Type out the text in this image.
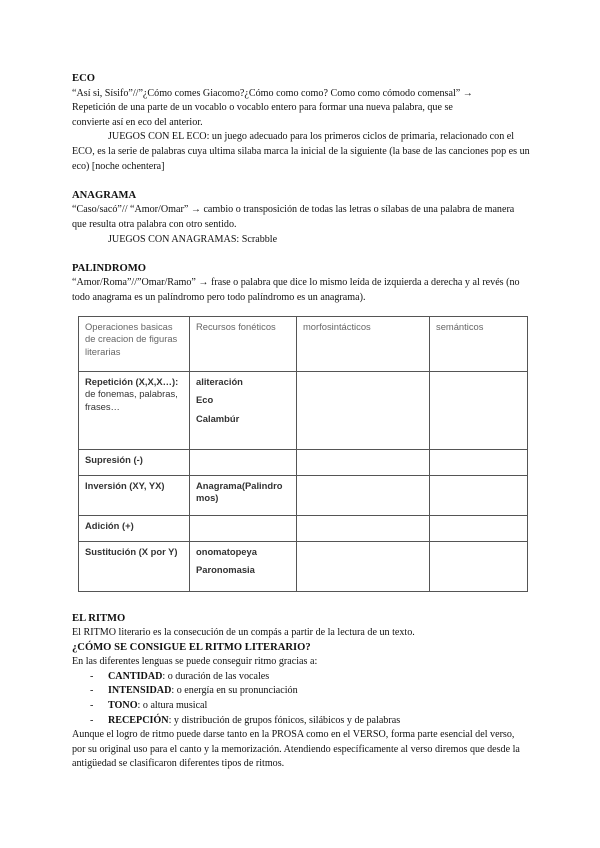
ECO

“Así si, Sísifo”//”¿Cómo comes Giacomo?¿Cómo como como? Como como cómodo comensal” →

Repetición de una parte de un vocablo o vocablo entero para formar una nueva palabra, que se

convierte así en eco del anterior.

JUEGOS CON EL ECO: un juego adecuado para los primeros ciclos de primaria, relacionado con el ECO, es la serie de palabras cuya ultima silaba marca la inicial de la siguiente (la base de las canciones pop es un eco) [noche ochentera]

ANAGRAMA

“Caso/sacó”// “Amor/Omar” → cambio o transposición de todas las letras o sílabas de una palabra de manera que resulta otra palabra con otro sentido.

JUEGOS CON ANAGRAMAS: Scrabble

PALINDROMO

“Amor/Roma”//”Omar/Ramo” → frase o palabra que dice lo mismo leída de izquierda a derecha y al revés (no todo anagrama es un palíndromo pero todo palíndromo es un anagrama).

Operaciones basicas de creacion de figuras literarias	Recursos fonéticos	morfosintácticos	semánticos
Repetición (X,X,X…): de fonemas, palabras, frases…	aliteración
Eco
Calambúr		

Supresión (-)			
Inversión (XY, YX)	Anagrama(Palindromos)		
Adición (+)			
Sustitución (X por Y)	onomatopeya
Paronomasia		

EL RITMO

El RITMO literario es la consecución de un compás a partir de la lectura de un texto.

¿CÓMO SE CONSIGUE EL RITMO LITERARIO?

En las diferentes lenguas se puede conseguir ritmo gracias a:

- CANTIDAD: o duración de las vocales
- INTENSIDAD: o energía en su pronunciación
- TONO: o altura musical
- RECEPCIÓN: y distribución de grupos fónicos, silábicos y de palabras

Aunque el logro de ritmo puede darse tanto en la PROSA como en el VERSO, forma parte esencial del verso, por su original uso para el canto y la memorización. Atendiendo específicamente al verso diremos que desde la antigüedad se clasificaron diferentes tipos de ritmos.
